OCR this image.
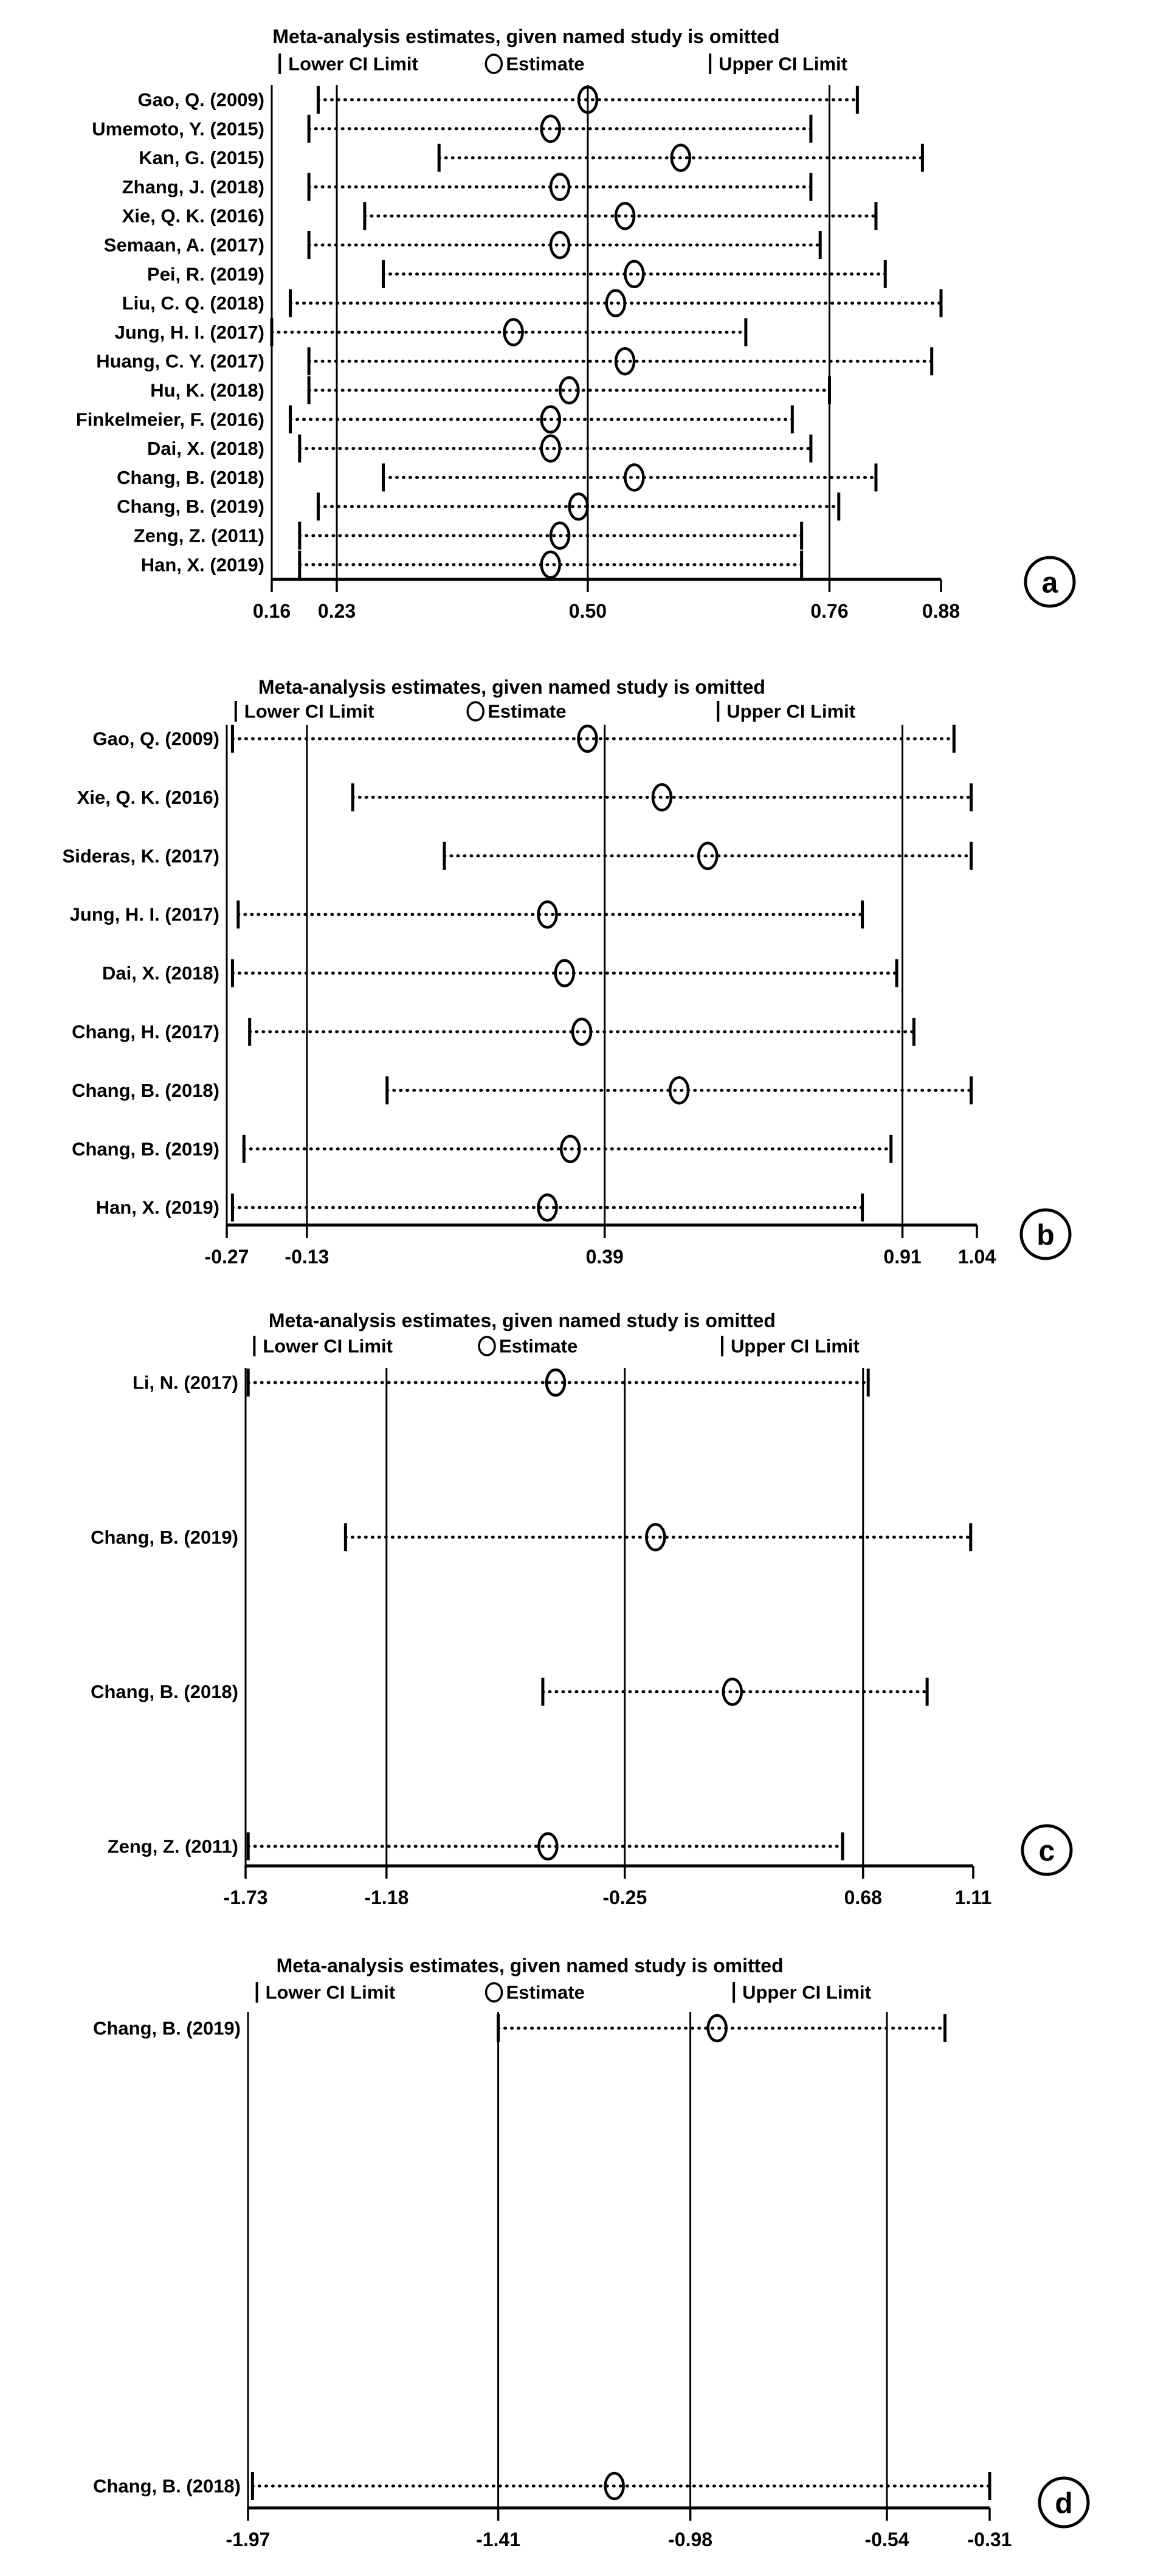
Meta-analysis estimates, given named study is omitted
Lower CI Limit	Estimate	Upper CI Limit
0.16 0.23	0.50	0.76	0.88
Gao, Q. (2009)
Umemoto, Y. (2015)
Kan, G. (2015)
Zhang, J. (2018)
Xie, Q. K. (2016)
Semaan, A. (2017)
Pei, R. (2019)
Liu, C. Q. (2018)
Jung, H. I. (2017)
Huang, C. Y. (2017)
Hu, K. (2018)
Finkelmeier, F. (2016)
Dai, X. (2018)
Chang, B. (2018)
Chang, B. (2019)
Zeng, Z. (2011)
Han, X. (2019)
a
Meta-analysis estimates, given named study is omitted
Lower CI Limit	Estimate	Upper CI Limit
-0.27 -0.13	0.39	0.91 1.04
Gao, Q. (2009)
Xie, Q. K. (2016)
Sideras, K. (2017)
Jung, H. I. (2017)
Dai, X. (2018)
Chang, H. (2017)
Chang, B. (2018)
Chang, B. (2019)
Han, X. (2019)
b
Meta-analysis estimates, given named study is omitted
Lower CI Limit	Estimate	Upper CI Limit
-1.73	-1.18	-0.25	0.68	1.11
Li, N. (2017)
Chang, B. (2019)
Chang, B. (2018)
Zeng, Z. (2011)	c
Meta-analysis estimates, given named study is omitted
Lower CI Limit	Estimate	Upper CI Limit
-1.97	-1.41	-0.98	-0.54	-0.31
Chang, B. (2019)
Chang, B. (2018)
d
